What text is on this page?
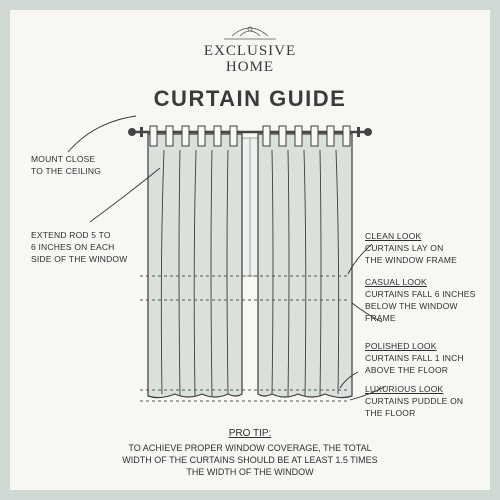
EXCLUSIVE
HOME
CURTAIN GUIDE
MOUNT CLOSE
TO THE CEILING
EXTEND ROD 5 TO
6 INCHES ON EACH
SIDE OF THE WINDOW
CLEAN LOOK
CURTAINS LAY ON
THE WINDOW FRAME
CASUAL LOOK
CURTAINS FALL 6 INCHES
BELOW THE WINDOW FRAME
POLISHED LOOK
CURTAINS FALL 1 INCH
ABOVE THE FLOOR
LUXURIOUS LOOK
CURTAINS PUDDLE ON
THE FLOOR
PRO TIP:
TO ACHIEVE PROPER WINDOW COVERAGE, THE TOTAL
WIDTH OF THE CURTAINS SHOULD BE AT LEAST 1.5 TIMES
THE WIDTH OF THE WINDOW
